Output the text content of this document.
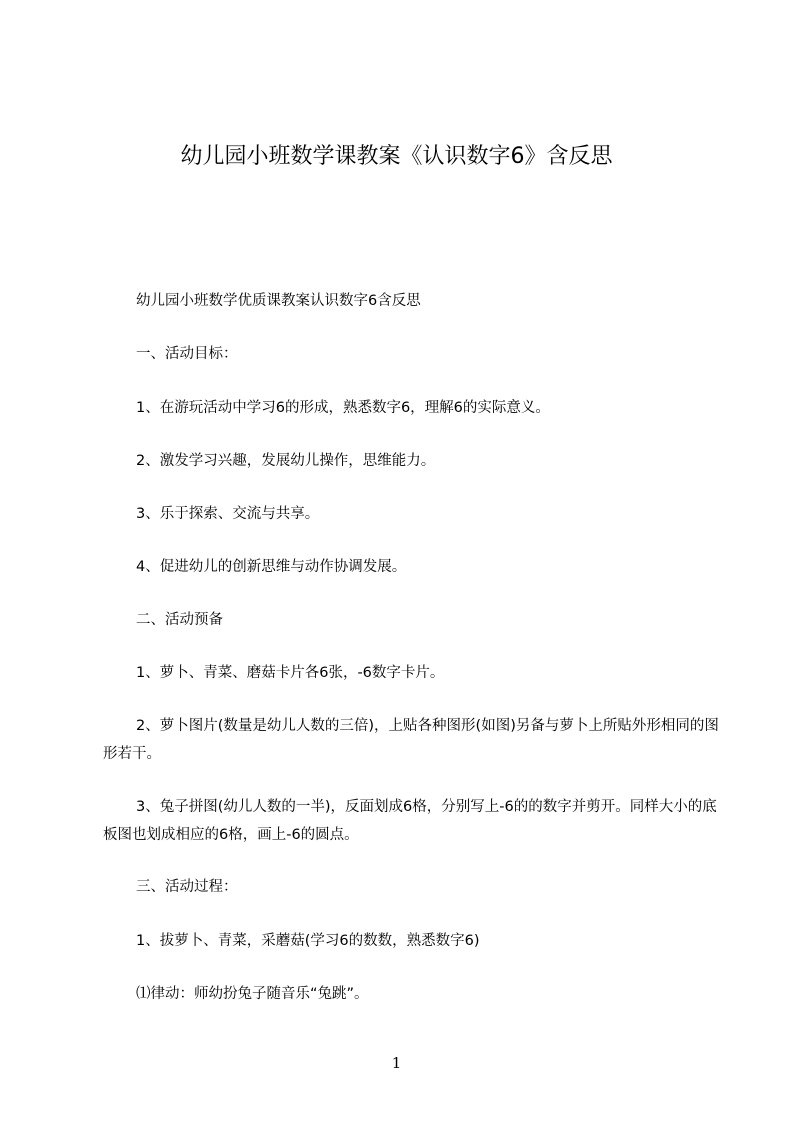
幼儿园小班数学课教案《认识数字6》含反思
幼儿园小班数学优质课教案认识数字6含反思
一、活动目标：
1、在游玩活动中学习6的形成，熟悉数字6，理解6的实际意义。
2、激发学习兴趣，发展幼儿操作，思维能力。
3、乐于探索、交流与共享。
4、促进幼儿的创新思维与动作协调发展。
二、活动预备
1、萝卜、青菜、磨菇卡片各6张，-6数字卡片。
2、萝卜图片(数量是幼儿人数的三倍)，上贴各种图形(如图)另备与萝卜上所贴外形相同的图形若干。
3、兔子拼图(幼儿人数的一半)，反面划成6格，分别写上-6的的数字并剪开。同样大小的底板图也划成相应的6格，画上-6的圆点。
三、活动过程：
1、拔萝卜、青菜，采蘑菇(学习6的数数，熟悉数字6)
⑴律动：师幼扮兔子随音乐“兔跳”。
1
